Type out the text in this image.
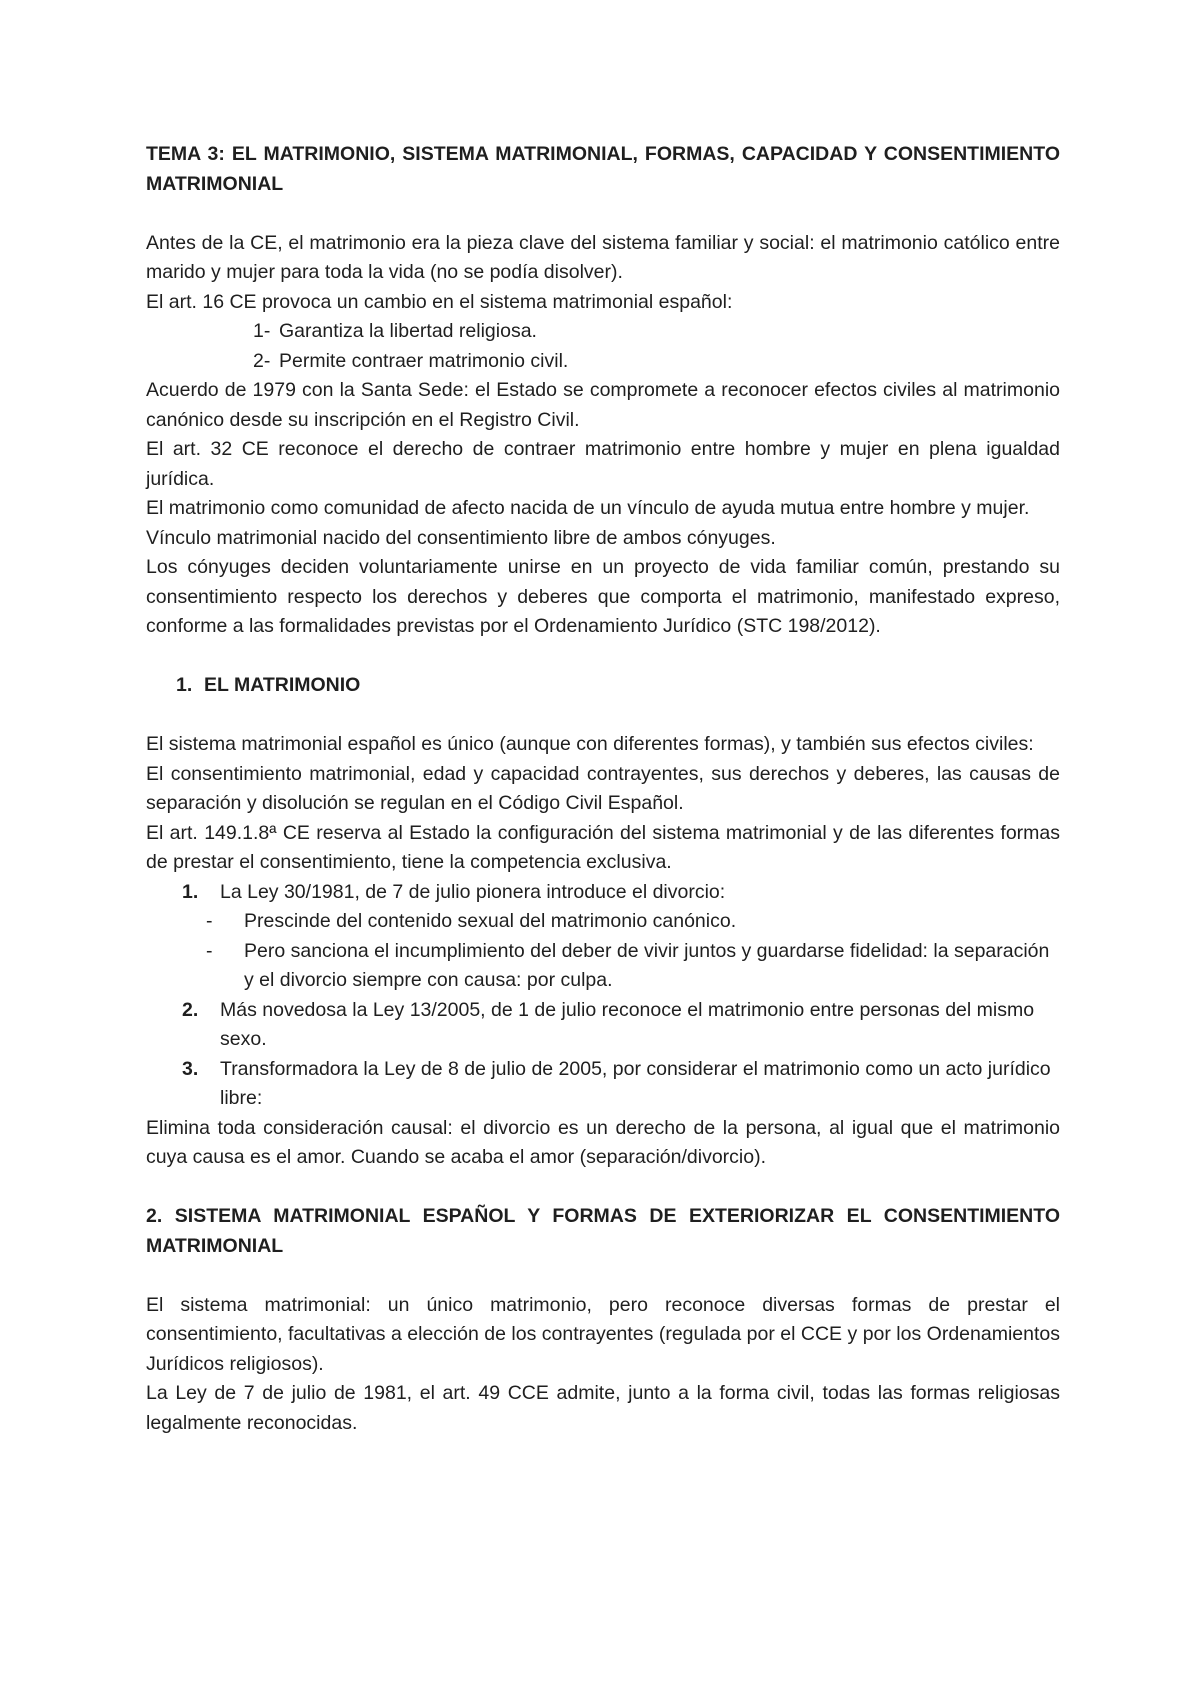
TEMA 3: EL MATRIMONIO, SISTEMA MATRIMONIAL, FORMAS, CAPACIDAD Y CONSENTIMIENTO MATRIMONIAL

Antes de la CE, el matrimonio era la pieza clave del sistema familiar y social: el matrimonio católico entre marido y mujer para toda la vida (no se podía disolver).

El art. 16 CE provoca un cambio en el sistema matrimonial español:

1- Garantiza la libertad religiosa.
2- Permite contraer matrimonio civil.

Acuerdo de 1979 con la Santa Sede: el Estado se compromete a reconocer efectos civiles al matrimonio canónico desde su inscripción en el Registro Civil.

El art. 32 CE reconoce el derecho de contraer matrimonio entre hombre y mujer en plena igualdad jurídica.

El matrimonio como comunidad de afecto nacida de un vínculo de ayuda mutua entre hombre y mujer.

Vínculo matrimonial nacido del consentimiento libre de ambos cónyuges.

Los cónyuges deciden voluntariamente unirse en un proyecto de vida familiar común, prestando su consentimiento respecto los derechos y deberes que comporta el matrimonio, manifestado expreso, conforme a las formalidades previstas por el Ordenamiento Jurídico (STC 198/2012).

1. EL MATRIMONIO

El sistema matrimonial español es único (aunque con diferentes formas), y también sus efectos civiles:

El consentimiento matrimonial, edad y capacidad contrayentes, sus derechos y deberes, las causas de separación y disolución se regulan en el Código Civil Español.

El art. 149.1.8ª CE reserva al Estado la configuración del sistema matrimonial y de las diferentes formas de prestar el consentimiento, tiene la competencia exclusiva.

1.	La Ley 30/1981, de 7 de julio pionera introduce el divorcio:
-	Prescinde del contenido sexual del matrimonio canónico.
-	Pero sanciona el incumplimiento del deber de vivir juntos y guardarse fidelidad: la separación y el divorcio siempre con causa: por culpa.
2.	Más novedosa la Ley 13/2005, de 1 de julio reconoce el matrimonio entre personas del mismo sexo.
3.	Transformadora la Ley de 8 de julio de 2005, por considerar el matrimonio como un acto jurídico libre:

Elimina toda consideración causal: el divorcio es un derecho de la persona, al igual que el matrimonio cuya causa es el amor. Cuando se acaba el amor (separación/divorcio).

2. SISTEMA MATRIMONIAL ESPAÑOL Y FORMAS DE EXTERIORIZAR EL CONSENTIMIENTO MATRIMONIAL

El sistema matrimonial: un único matrimonio, pero reconoce diversas formas de prestar el consentimiento, facultativas a elección de los contrayentes (regulada por el CCE y por los Ordenamientos Jurídicos religiosos).

La Ley de 7 de julio de 1981, el art. 49 CCE admite, junto a la forma civil, todas las formas religiosas legalmente reconocidas.
